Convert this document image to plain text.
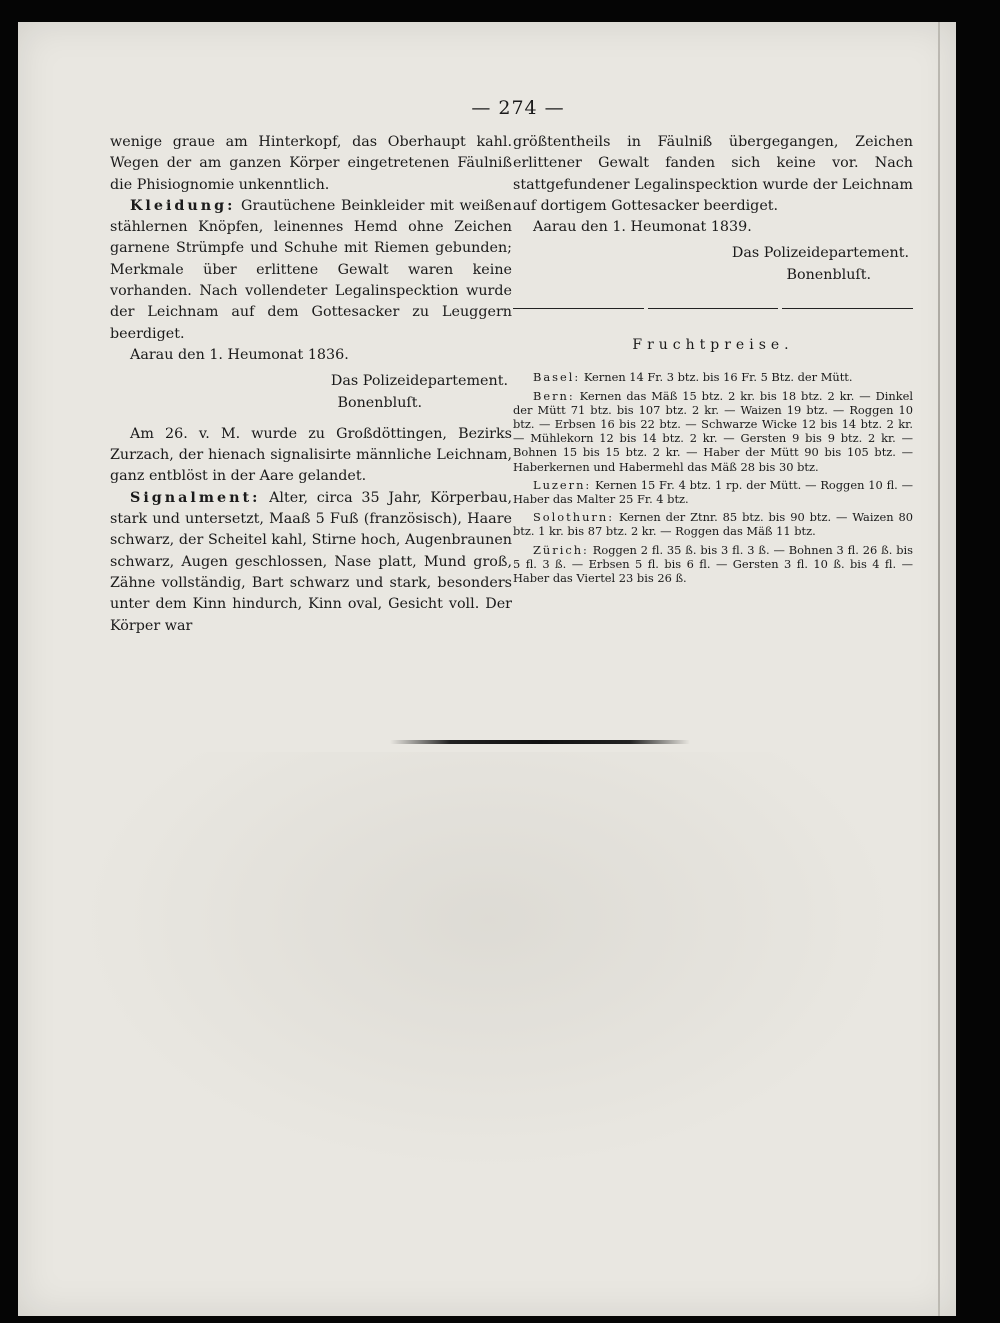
— 274 —

wenige graue am Hinterkopf, das Oberhaupt kahl. Wegen der am ganzen Körper eingetretenen Fäulniß die Phisiognomie unkenntlich.

Kleidung: Grautüchene Beinkleider mit weißen stählernen Knöpfen, leinennes Hemd ohne Zeichen garnene Strümpfe und Schuhe mit Riemen gebunden; Merkmale über erlittene Gewalt waren keine vorhanden. Nach vollendeter Legalinspecktion wurde der Leichnam auf dem Gottesacker zu Leuggern beerdiget.

Aarau den 1. Heumonat 1836.

Das Polizeidepartement.

Bonenbluſt.

Am 26. v. M. wurde zu Großdöttingen, Bezirks Zurzach, der hienach signalisirte männliche Leichnam, ganz entblöst in der Aare gelandet.

Signalment: Alter, circa 35 Jahr, Körperbau, stark und untersetzt, Maaß 5 Fuß (französisch), Haare schwarz, der Scheitel kahl, Stirne hoch, Augenbraunen schwarz, Augen geschlossen, Nase platt, Mund groß, Zähne vollständig, Bart schwarz und stark, besonders unter dem Kinn hindurch, Kinn oval, Gesicht voll. Der Körper war

größtentheils in Fäulniß übergegangen, Zeichen erlittener Gewalt fanden sich keine vor. Nach stattgefundener Legalinspecktion wurde der Leichnam auf dortigem Gottesacker beerdiget.

Aarau den 1. Heumonat 1839.

Das Polizeidepartement.

Bonenbluſt.

Fruchtpreise.

Basel: Kernen 14 Fr. 3 btz. bis 16 Fr. 5 Btz. der Mütt.

Bern: Kernen das Mäß 15 btz. 2 kr. bis 18 btz. 2 kr. — Dinkel der Mütt 71 btz. bis 107 btz. 2 kr. — Waizen 19 btz. — Roggen 10 btz. — Erbsen 16 bis 22 btz. — Schwarze Wicke 12 bis 14 btz. 2 kr. — Mühlekorn 12 bis 14 btz. 2 kr. — Gersten 9 bis 9 btz. 2 kr. — Bohnen 15 bis 15 btz. 2 kr. — Haber der Mütt 90 bis 105 btz. — Haberkernen und Habermehl das Mäß 28 bis 30 btz.

Luzern: Kernen 15 Fr. 4 btz. 1 rp. der Mütt. — Roggen 10 fl. — Haber das Malter 25 Fr. 4 btz.

Solothurn: Kernen der Ztnr. 85 btz. bis 90 btz. — Waizen 80 btz. 1 kr. bis 87 btz. 2 kr. — Roggen das Mäß 11 btz.

Zürich: Roggen 2 fl. 35 ß. bis 3 fl. 3 ß. — Bohnen 3 fl. 26 ß. bis 5 fl. 3 ß. — Erbsen 5 fl. bis 6 fl. — Gersten 3 fl. 10 ß. bis 4 fl. — Haber das Viertel 23 bis 26 ß.
